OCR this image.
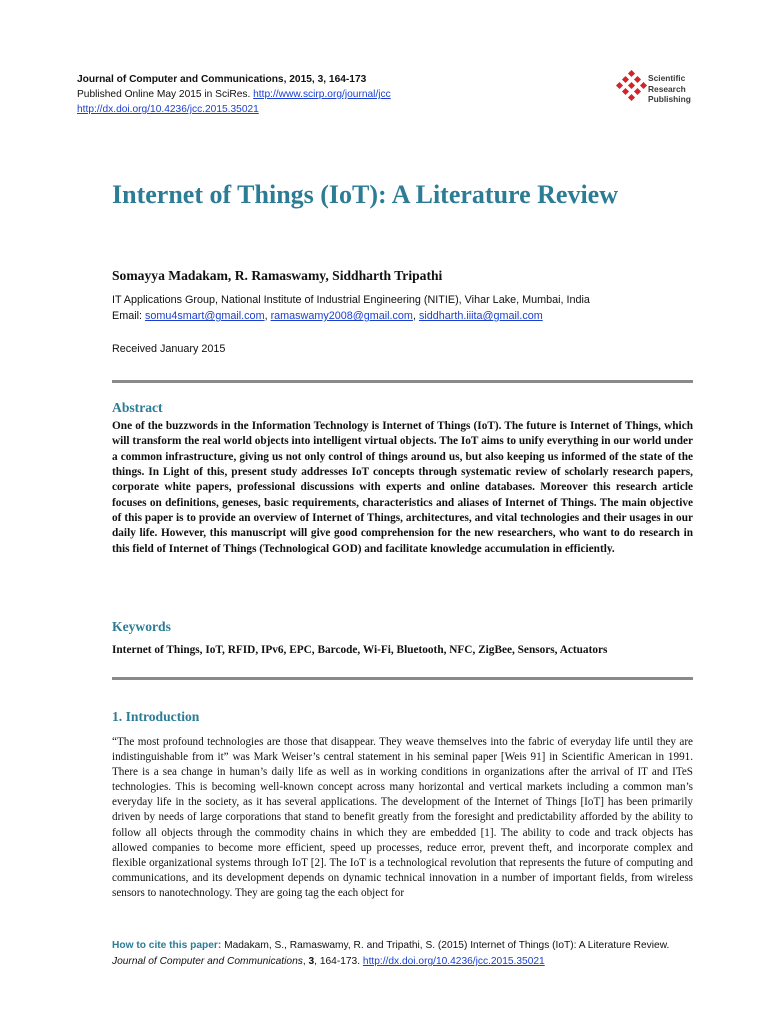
Journal of Computer and Communications, 2015, 3, 164-173
Published Online May 2015 in SciRes. http://www.scirp.org/journal/jcc
http://dx.doi.org/10.4236/jcc.2015.35021
Scientific
Research
Publishing
Internet of Things (IoT): A Literature Review
Somayya Madakam, R. Ramaswamy, Siddharth Tripathi
IT Applications Group, National Institute of Industrial Engineering (NITIE), Vihar Lake, Mumbai, India
Email: somu4smart@gmail.com, ramaswamy2008@gmail.com, siddharth.iiita@gmail.com
Received January 2015
Abstract
One of the buzzwords in the Information Technology is Internet of Things (IoT). The future is Internet of Things, which will transform the real world objects into intelligent virtual objects. The IoT aims to unify everything in our world under a common infrastructure, giving us not only control of things around us, but also keeping us informed of the state of the things. In Light of this, present study addresses IoT concepts through systematic review of scholarly research papers, corporate white papers, professional discussions with experts and online databases. Moreover this research article focuses on definitions, geneses, basic requirements, characteristics and aliases of Internet of Things. The main objective of this paper is to provide an overview of Internet of Things, architectures, and vital technologies and their usages in our daily life. However, this manuscript will give good comprehension for the new researchers, who want to do research in this field of Internet of Things (Technological GOD) and facilitate knowledge accumulation in efficiently.
Keywords
Internet of Things, IoT, RFID, IPv6, EPC, Barcode, Wi-Fi, Bluetooth, NFC, ZigBee, Sensors, Actuators
1. Introduction
“The most profound technologies are those that disappear. They weave themselves into the fabric of everyday life until they are indistinguishable from it” was Mark Weiser’s central statement in his seminal paper [Weis 91] in Scientific American in 1991. There is a sea change in human’s daily life as well as in working conditions in organizations after the arrival of IT and ITeS technologies. This is becoming well-known concept across many horizontal and vertical markets including a common man’s everyday life in the society, as it has several applications. The development of the Internet of Things [IoT] has been primarily driven by needs of large corporations that stand to benefit greatly from the foresight and predictability afforded by the ability to follow all objects through the commodity chains in which they are embedded [1]. The ability to code and track objects has allowed companies to become more efficient, speed up processes, reduce error, prevent theft, and incorporate complex and flexible organizational systems through IoT [2]. The IoT is a technological revolution that represents the future of computing and communications, and its development depends on dynamic technical innovation in a number of important fields, from wireless sensors to nanotechnology. They are going tag the each object for
How to cite this paper: Madakam, S., Ramaswamy, R. and Tripathi, S. (2015) Internet of Things (IoT): A Literature Review.
Journal of Computer and Communications, 3, 164-173. http://dx.doi.org/10.4236/jcc.2015.35021
